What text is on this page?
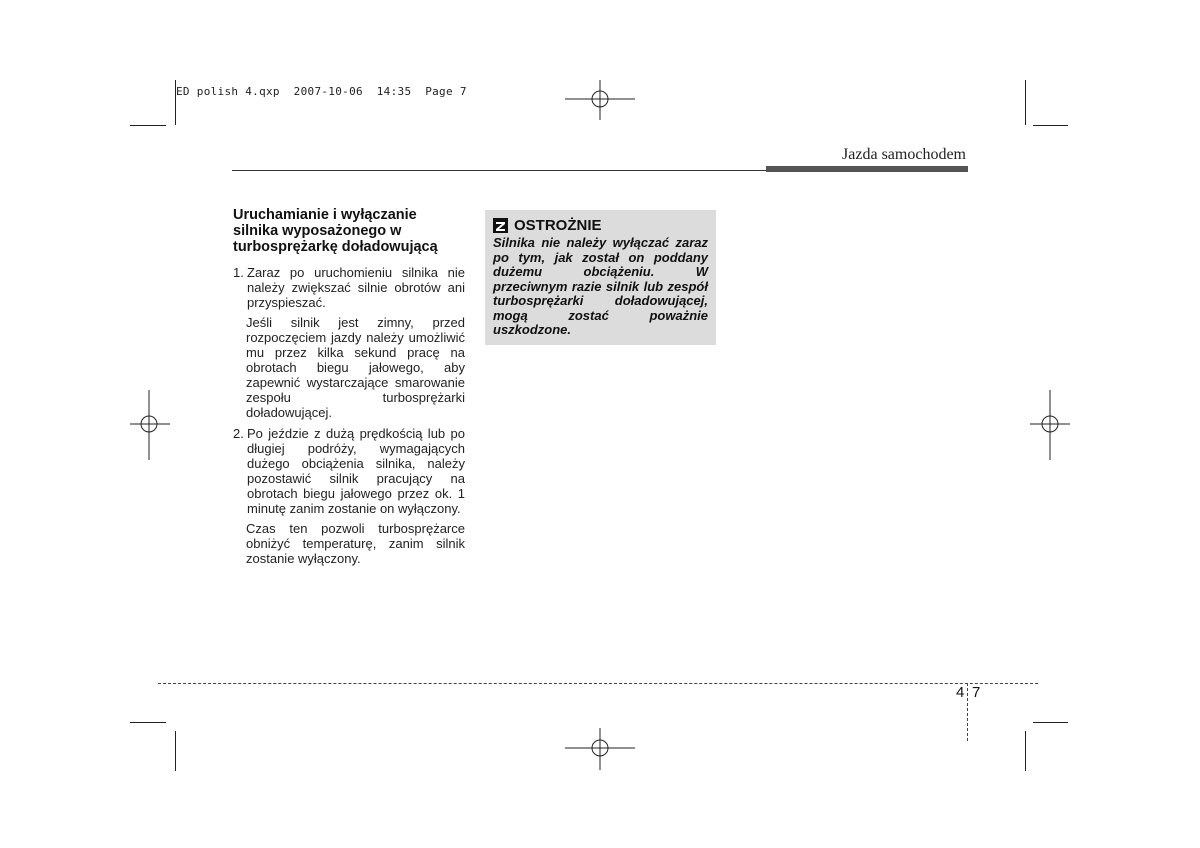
ED polish 4.qxp  2007-10-06  14:35  Page 7
Jazda samochodem
Uruchamianie i wyłączanie
silnika wyposażonego w
turbosprężarkę doładowującą
1. Zaraz po uruchomieniu silnika nie należy zwiększać silnie obrotów ani przyspieszać.
Jeśli silnik jest zimny, przed rozpoczęciem jazdy należy umożliwić mu przez kilka sekund pracę na obrotach biegu jałowego, aby zapewnić wystarczające smarowanie zespołu turbosprężarki doładowującej.
2. Po jeździe z dużą prędkością lub po długiej podróży, wymagających dużego obciążenia silnika, należy pozostawić silnik pracujący na obrotach biegu jałowego przez ok. 1 minutę zanim zostanie on wyłączony.
Czas ten pozwoli turbosprężarce obniżyć temperaturę, zanim silnik zostanie wyłączony.
OSTROŻNIE
Silnika nie należy wyłączać zaraz po tym, jak został on poddany dużemu obciążeniu. W przeciwnym razie silnik lub zespół turbosprężarki doładowującej, mogą zostać poważnie uszkodzone.
4 7
